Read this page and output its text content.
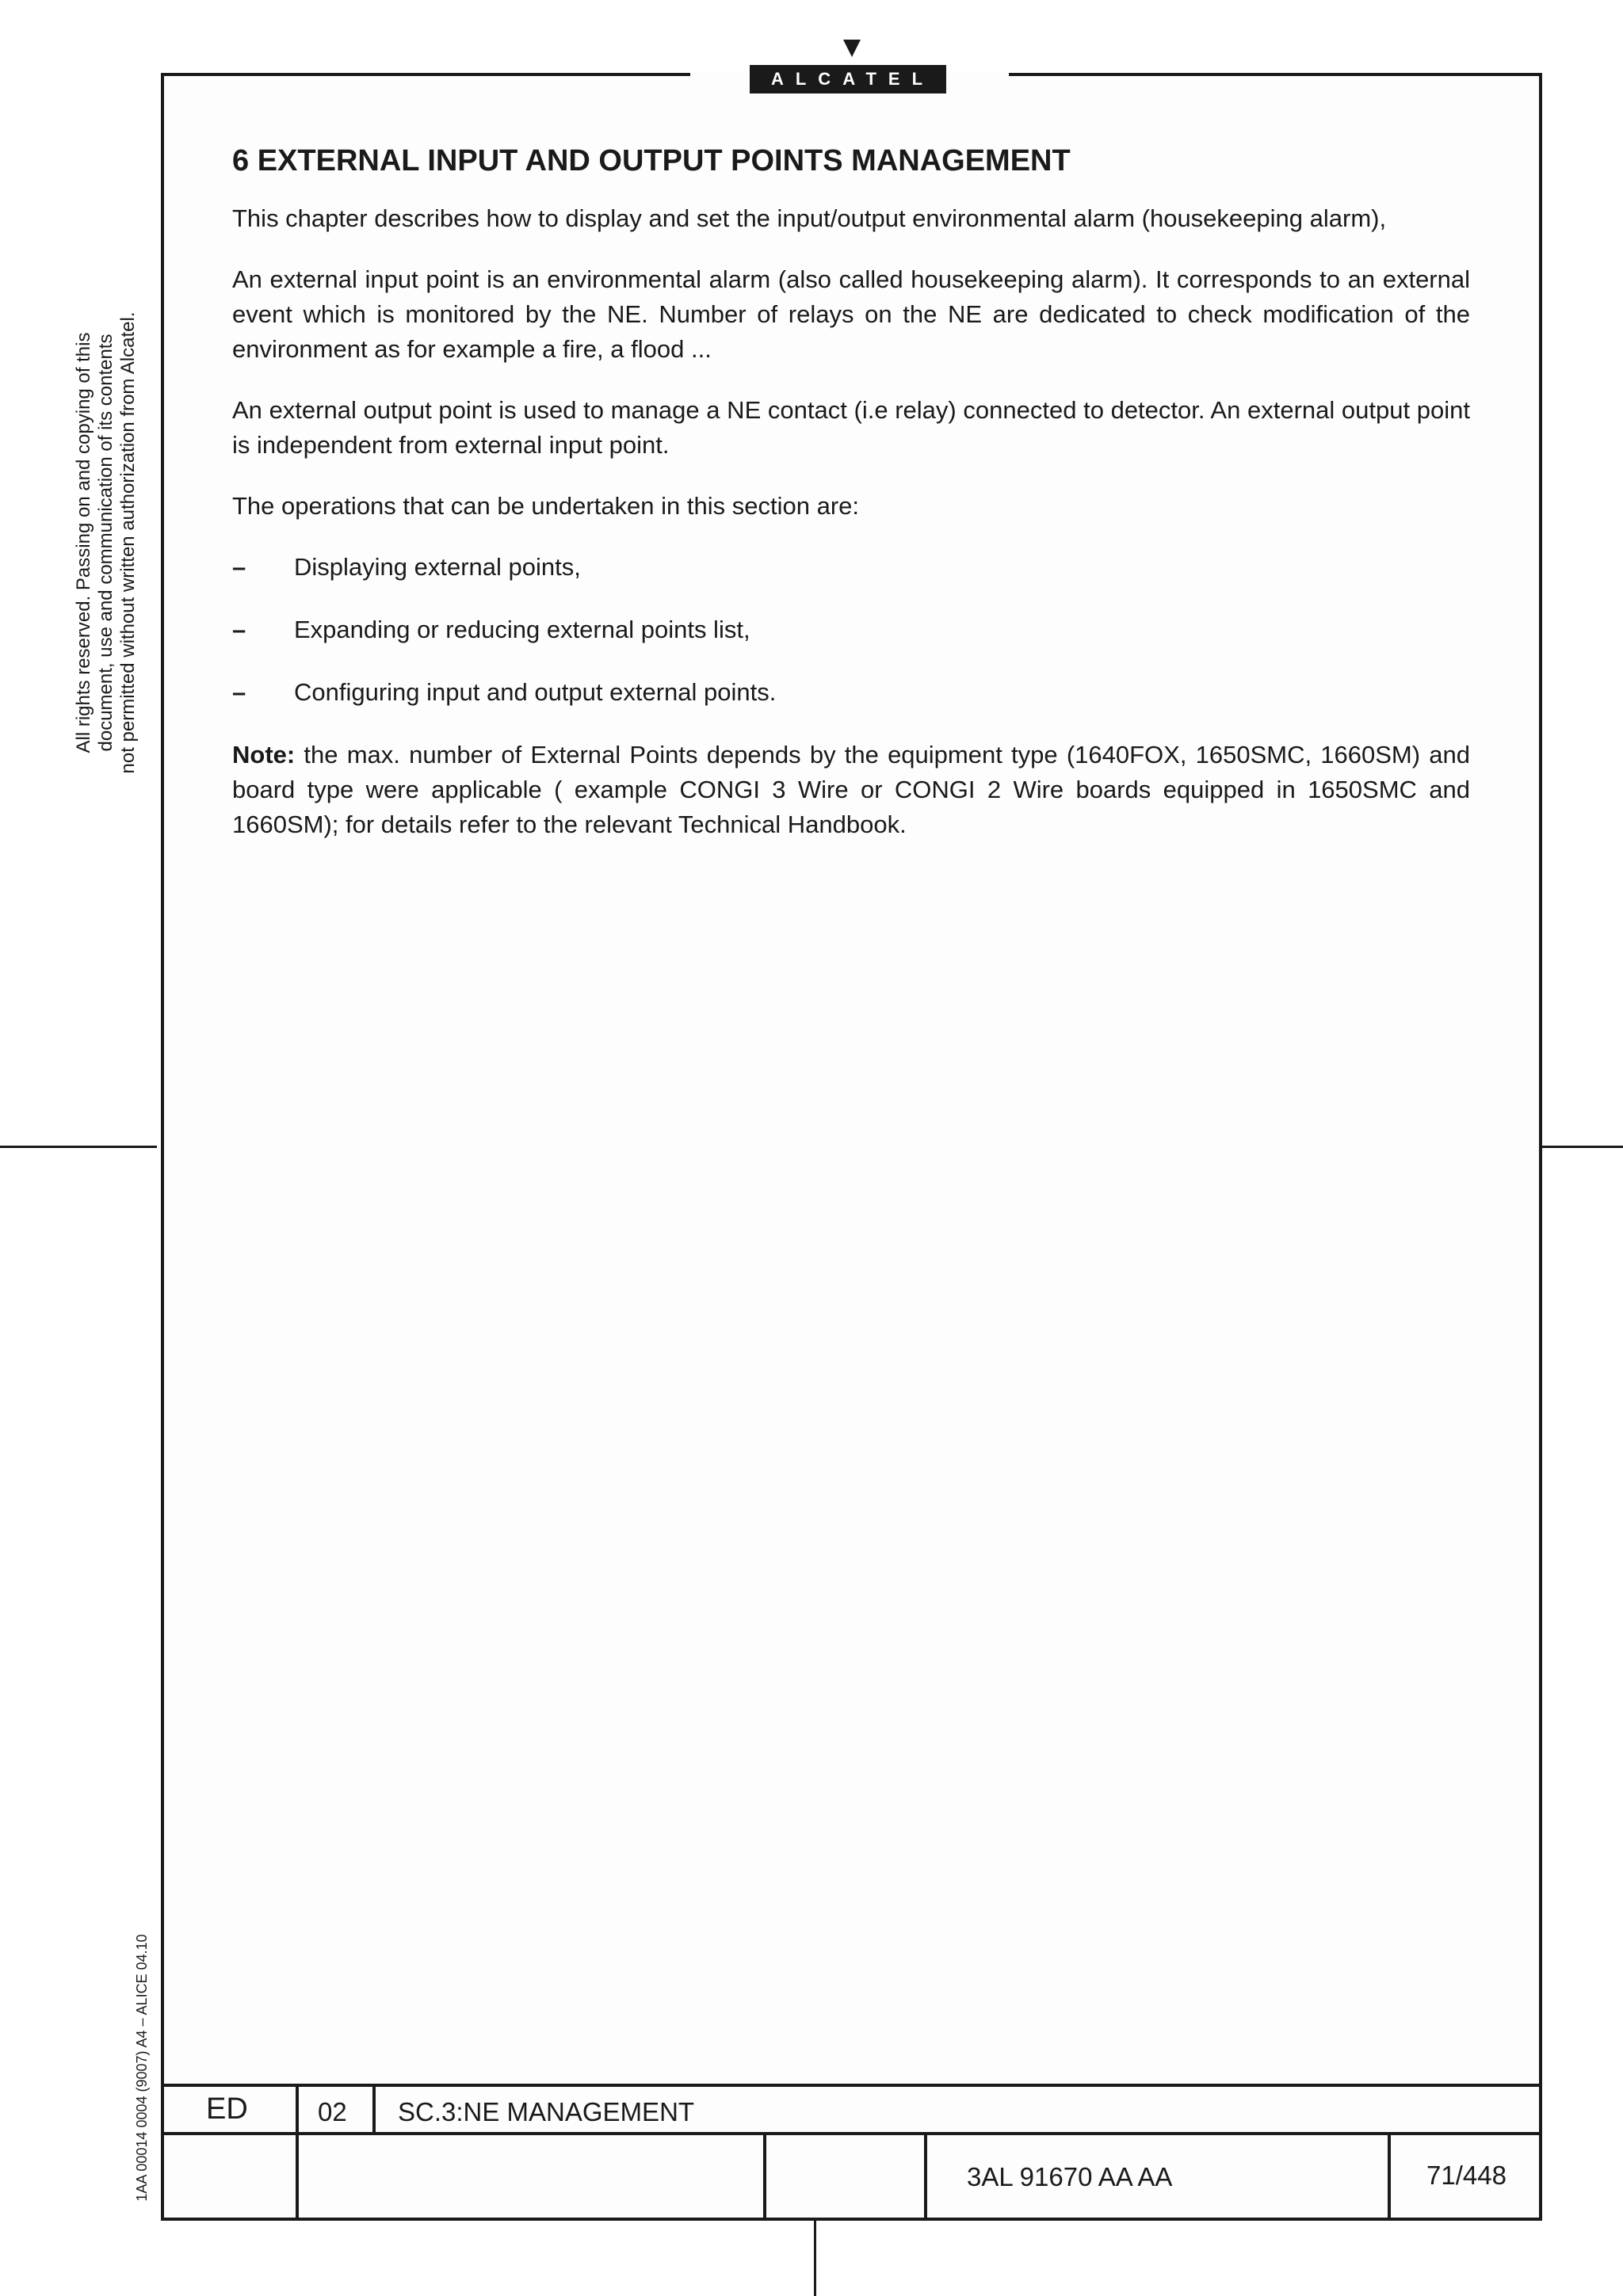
ALCATEL
All rights reserved. Passing on and copying of this document, use and communication of its contents not permitted without written authorization from Alcatel.
1AA 00014 0004 (9007) A4 – ALICE 04.10
6 EXTERNAL INPUT AND OUTPUT POINTS MANAGEMENT

This chapter describes how to display and set the input/output environmental alarm (housekeeping alarm),

An external input point is an environmental alarm (also called housekeeping alarm). It corresponds to an external event which is monitored by the NE. Number of relays on the NE are dedicated to check modification of the environment as for example a fire, a flood ...

An external output point is used to manage a NE contact (i.e relay) connected to detector. An external output point is independent from external input point.

The operations that can be undertaken in this section are:

–	Displaying external points,
–	Expanding or reducing external points list,
–	Configuring input and output external points.

Note: the max. number of External Points depends by the equipment type (1640FOX, 1650SMC, 1660SM) and board type were applicable ( example CONGI 3 Wire or CONGI 2 Wire boards equipped in 1650SMC and 1660SM); for details refer to the relevant Technical Handbook.

ED	02 SC.3:NE MANAGEMENT
3AL 91670 AA AA	71/448
